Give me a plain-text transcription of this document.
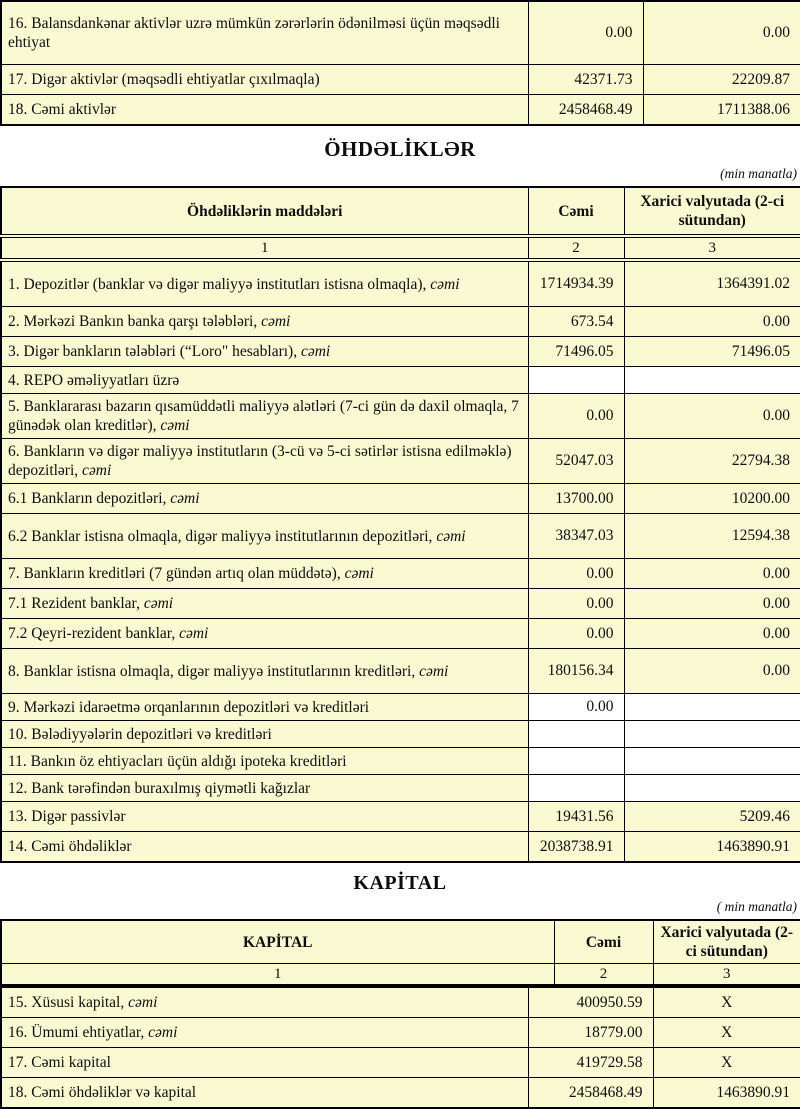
16. Balansdankənar aktivlər uzrə mümkün zərərlərin ödənilməsi üçün məqsədli ehtiyat	0.00	0.00
17. Digər aktivlər (məqsədli ehtiyatlar çıxılmaqla)	42371.73	22209.87
18. Cəmi aktivlər	2458468.49	1711388.06
ÖHDƏLİKLƏR
(min manatla)
Öhdəliklərin maddələri	Cəmi	Xarici valyutada (2-ci sütundan)
1	2	3
1. Depozitlər (banklar və digər maliyyə institutları istisna olmaqla), cəmi	1714934.39	1364391.02
2. Mərkəzi Bankın banka qarşı tələbləri, cəmi	673.54	0.00
3. Digər bankların tələbləri (“Loro" hesabları), cəmi	71496.05	71496.05
4. REPO əməliyyatları üzrə		
5. Banklararası bazarın qısamüddətli maliyyə alətləri (7-ci gün də daxil olmaqla, 7 günədək olan kreditlər), cəmi	0.00	0.00
6. Bankların və digər maliyyə institutların (3-cü və 5-ci sətirlər istisna edilməklə) depozitləri, cəmi	52047.03	22794.38
6.1 Bankların depozitləri, cəmi	13700.00	10200.00
6.2 Banklar istisna olmaqla, digər maliyyə institutlarının depozitləri, cəmi	38347.03	12594.38
7. Bankların kreditləri (7 gündən artıq olan müddətə), cəmi	0.00	0.00
7.1 Rezident banklar, cəmi	0.00	0.00
7.2 Qeyri-rezident banklar, cəmi	0.00	0.00
8. Banklar istisna olmaqla, digər maliyyə institutlarının kreditləri, cəmi	180156.34	0.00
9. Mərkəzi idarəetmə orqanlarının depozitləri və kreditləri	0.00	
10. Bələdiyyələrin depozitləri və kreditləri		
11. Bankın öz ehtiyacları üçün aldığı ipoteka kreditləri		
12. Bank tərəfindən buraxılmış qiymətli kağızlar		
13. Digər passivlər	19431.56	5209.46
14. Cəmi öhdəliklər	2038738.91	1463890.91
KAPİTAL
( min manatla)
KAPİTAL	Cəmi	Xarici valyutada (2-ci sütundan)
1	2	3
15. Xüsusi kapital, cəmi	400950.59	X
16. Ümumi ehtiyatlar, cəmi	18779.00	X
17. Cəmi kapital	419729.58	X
18. Cəmi öhdəliklər və kapital	2458468.49	1463890.91
